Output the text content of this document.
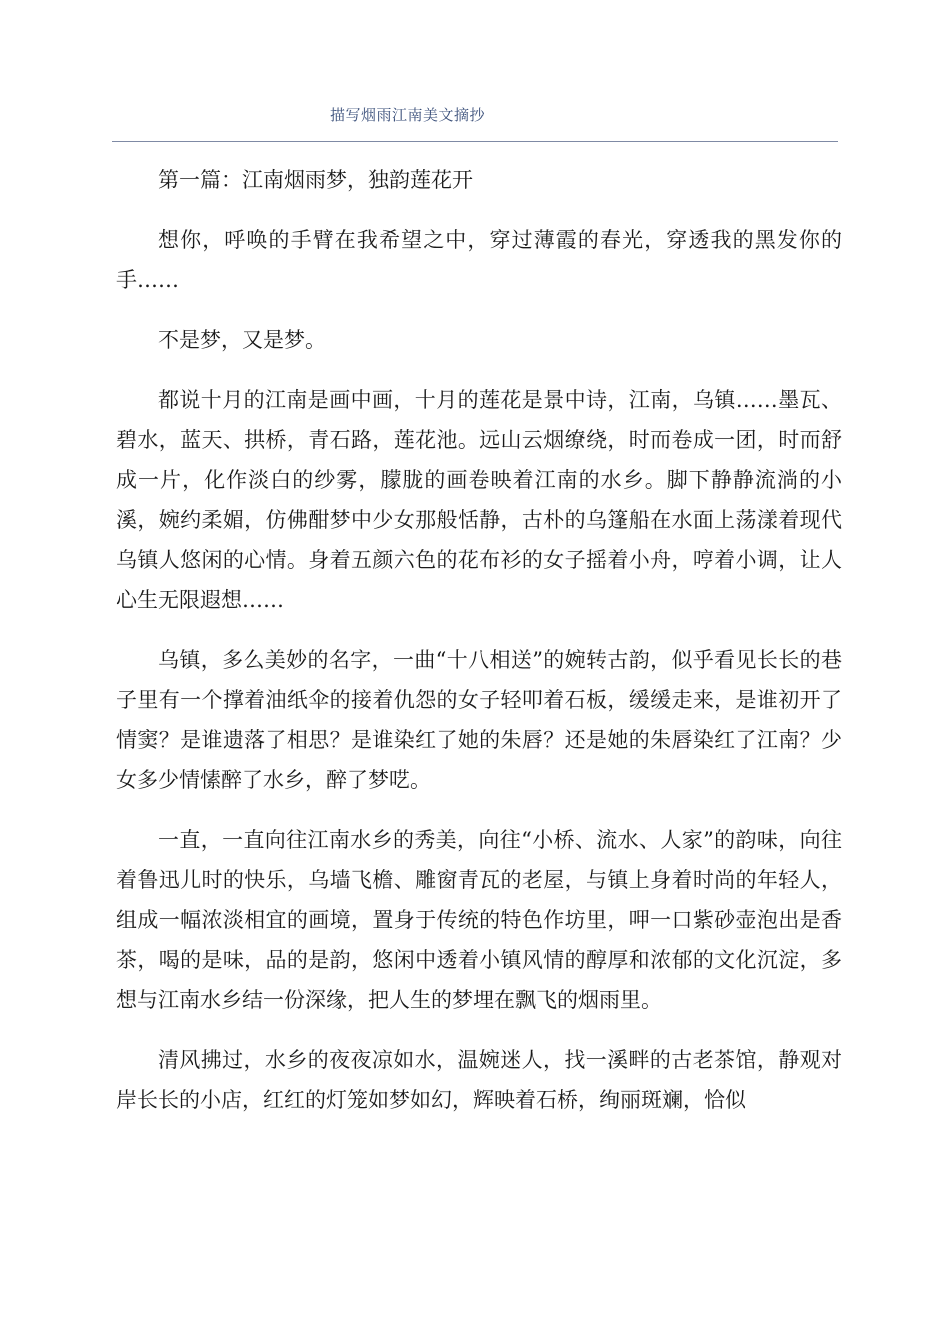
描写烟雨江南美文摘抄

第一篇：江南烟雨梦，独韵莲花开

想你，呼唤的手臂在我希望之中，穿过薄霞的春光，穿透我的黑发你的手……

不是梦，又是梦。

都说十月的江南是画中画，十月的莲花是景中诗，江南，乌镇……墨瓦、碧水，蓝天、拱桥，青石路，莲花池。远山云烟缭绕，时而卷成一团，时而舒成一片，化作淡白的纱雾，朦胧的画卷映着江南的水乡。脚下静静流淌的小溪，婉约柔媚，仿佛酣梦中少女那般恬静，古朴的乌篷船在水面上荡漾着现代乌镇人悠闲的心情。身着五颜六色的花布衫的女子摇着小舟，哼着小调，让人心生无限遐想……

乌镇，多么美妙的名字，一曲“十八相送”的婉转古韵，似乎看见长长的巷子里有一个撑着油纸伞的接着仇怨的女子轻叩着石板，缓缓走来，是谁初开了情窦？是谁遗落了相思？是谁染红了她的朱唇？还是她的朱唇染红了江南？少女多少情愫醉了水乡，醉了梦呓。

一直，一直向往江南水乡的秀美，向往“小桥、流水、人家”的韵味，向往着鲁迅儿时的快乐，乌墙飞檐、雕窗青瓦的老屋，与镇上身着时尚的年轻人，组成一幅浓淡相宜的画境，置身于传统的特色作坊里，呷一口紫砂壶泡出是香茶，喝的是味，品的是韵，悠闲中透着小镇风情的醇厚和浓郁的文化沉淀，多想与江南水乡结一份深缘，把人生的梦埋在飘飞的烟雨里。

清风拂过，水乡的夜夜凉如水，温婉迷人，找一溪畔的古老茶馆，静观对岸长长的小店，红红的灯笼如梦如幻，辉映着石桥，绚丽斑斓，恰似
